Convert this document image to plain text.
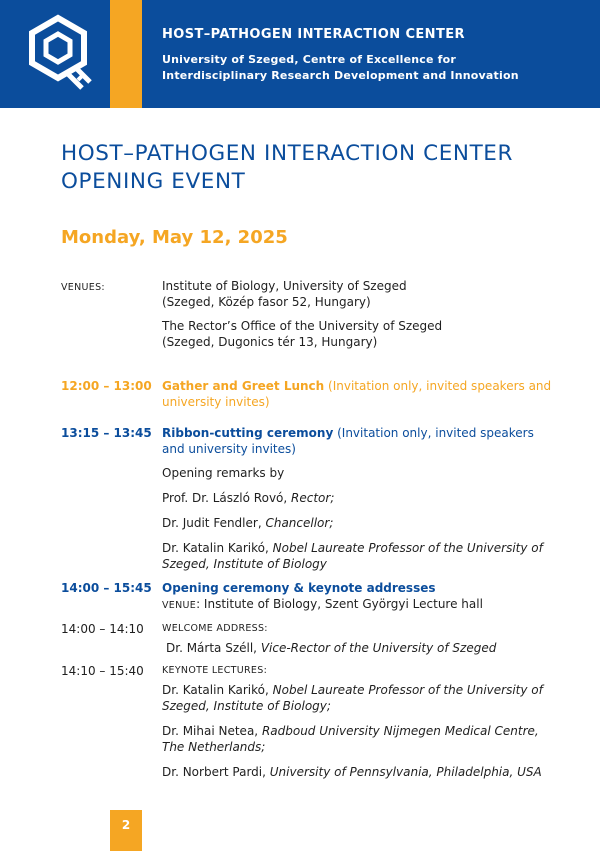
HOST–PATHOGEN INTERACTION CENTER
University of Szeged, Centre of Excellence for
Interdisciplinary Research Development and Innovation
HOST–PATHOGEN INTERACTION CENTER
OPENING EVENT
Monday, May 12, 2025
VENUES:	Institute of Biology, University of Szeged
(Szeged, Közép fasor 52, Hungary)
The Rector’s Office of the University of Szeged
(Szeged, Dugonics tér 13, Hungary)
12:00 – 13:00 Gather and Greet Lunch (Invitation only, invited speakers and
university invites)
13:15 – 13:45 Ribbon-cutting ceremony (Invitation only, invited speakers
and university invites)
Opening remarks by
Prof. Dr. László Rovó, Rector;
Dr. Judit Fendler, Chancellor;
Dr. Katalin Karikó, Nobel Laureate Professor of the University of
Szeged, Institute of Biology
14:00 – 15:45 Opening ceremony & keynote addresses
VENUE: Institute of Biology, Szent Györgyi Lecture hall
14:00 – 14:10 WELCOME ADDRESS:
Dr. Márta Széll, Vice-Rector of the University of Szeged
14:10 – 15:40 KEYNOTE LECTURES:
Dr. Katalin Karikó, Nobel Laureate Professor of the University of
Szeged, Institute of Biology;
Dr. Mihai Netea, Radboud University Nijmegen Medical Centre,
The Netherlands;
Dr. Norbert Pardi, University of Pennsylvania, Philadelphia, USA
2
